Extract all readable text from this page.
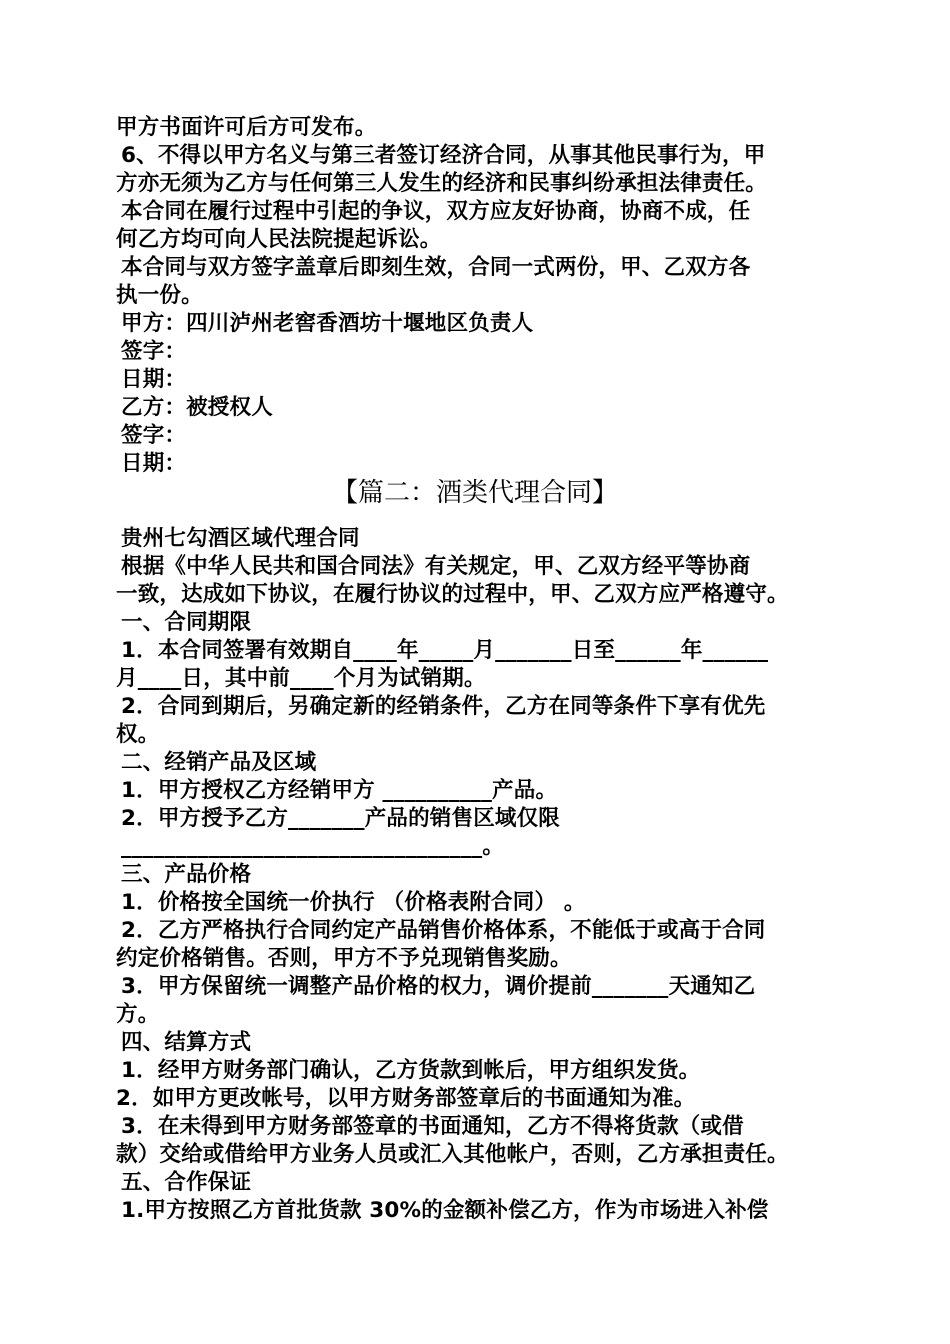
甲方书面许可后方可发布。

6、不得以甲方名义与第三者签订经济合同，从事其他民事行为，甲

方亦无须为乙方与任何第三人发生的经济和民事纠纷承担法律责任。

本合同在履行过程中引起的争议，双方应友好协商，协商不成，任

何乙方均可向人民法院提起诉讼。

本合同与双方签字盖章后即刻生效，合同一式两份，甲、乙双方各

执一份。

甲方：四川泸州老窖香酒坊十堰地区负责人

签字：

日期：

乙方：被授权人

签字：

日期：

【篇二：酒类代理合同】

贵州七勾酒区域代理合同

根据《中华人民共和国合同法》有关规定，甲、乙双方经平等协商

一致，达成如下协议，在履行协议的过程中，甲、乙双方应严格遵守。

一、合同期限

1．本合同签署有效期自____年_____月_______日至______年______

月____日，其中前____个月为试销期。

2．合同到期后，另确定新的经销条件，乙方在同等条件下享有优先

权。

二、经销产品及区域

1．甲方授权乙方经销甲方 __________产品。

2．甲方授予乙方_______产品的销售区域仅限

_________________________________。

三、产品价格

1．价格按全国统一价执行 （价格表附合同） 。

2．乙方严格执行合同约定产品销售价格体系，不能低于或高于合同

约定价格销售。否则，甲方不予兑现销售奖励。

3．甲方保留统一调整产品价格的权力，调价提前_______天通知乙

方。

四、结算方式

1．经甲方财务部门确认，乙方货款到帐后，甲方组织发货。

2．如甲方更改帐号，以甲方财务部签章后的书面通知为准。

3．在未得到甲方财务部签章的书面通知，乙方不得将货款（或借

款）交给或借给甲方业务人员或汇入其他帐户，否则，乙方承担责任。

五、合作保证

1.甲方按照乙方首批货款 30%的金额补偿乙方，作为市场进入补偿
